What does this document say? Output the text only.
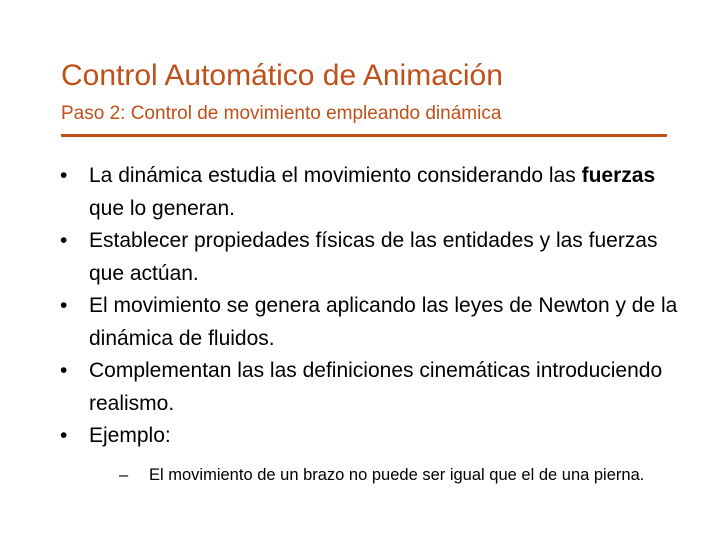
Control Automático de Animación
Paso 2: Control de movimiento empleando dinámica
•	La dinámica estudia el movimiento considerando las fuerzas que lo generan.
•	Establecer propiedades físicas de las entidades y las fuerzas que actúan.
•	El movimiento se genera aplicando las leyes de Newton y de la dinámica de fluidos.
•	Complementan las las definiciones cinemáticas introduciendo realismo.
•	Ejemplo:
– El movimiento de un brazo no puede ser igual que el de una pierna.
